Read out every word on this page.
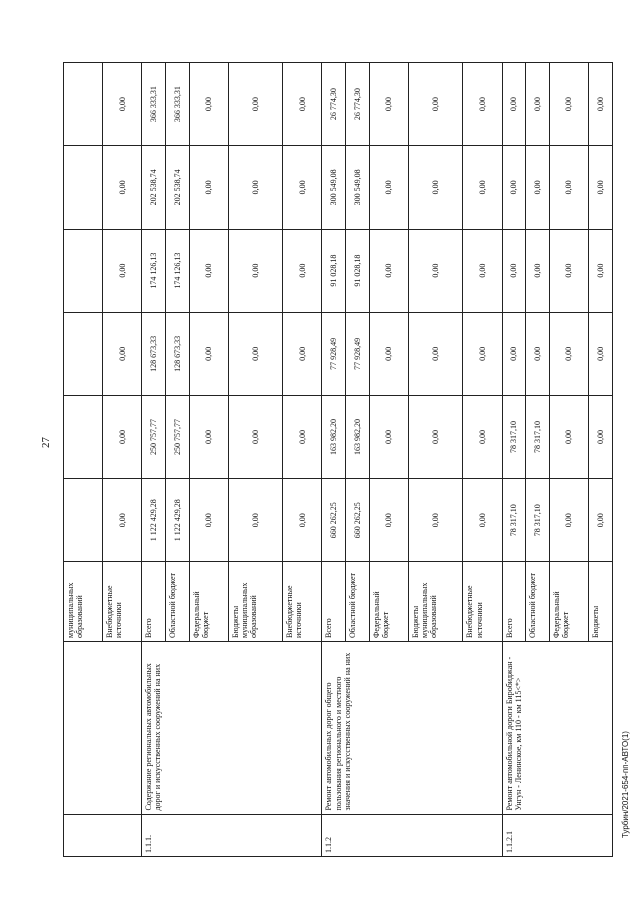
27
		муниципальных образований						
		Внебюджетные источники	0,00	0,00	0,00	0,00	0,00	0,00
1.1.1.	Содержание региональных автомобильных дорог и искусственных сооружений на них	Всего	1 122 429,28	250 757,77	128 673,33	174 126,13	202 538,74	366 333,31
		Областной бюджет	1 122 429,28	250 757,77	128 673,33	174 126,13	202 538,74	366 333,31
		Федеральный бюджет	0,00	0,00	0,00	0,00	0,00	0,00
		Бюджеты муниципальных образований	0,00	0,00	0,00	0,00	0,00	0,00
		Внебюджетные источники	0,00	0,00	0,00	0,00	0,00	0,00
1.1.2	Ремонт автомобильных дорог общего пользования регионального и местного значения и искусственных сооружений на них	Всего	660 262,25	163 982,20	77 928,49	91 028,18	300 549,08	26 774,30
		Областной бюджет	660 262,25	163 982,20	77 928,49	91 028,18	300 549,08	26 774,30
		Федеральный бюджет	0,00	0,00	0,00	0,00	0,00	0,00
		Бюджеты муниципальных образований	0,00	0,00	0,00	0,00	0,00	0,00
		Внебюджетные источники	0,00	0,00	0,00	0,00	0,00	0,00
1.1.2.1	Ремонт автомобильной дороги Биробиджан - Унгун - Ленинское, км 110 - км 115<*>	Всего	78 317,10	78 317,10	0,00	0,00	0,00	0,00
		Областной бюджет	78 317,10	78 317,10	0,00	0,00	0,00	0,00
		Федеральный бюджет	0,00	0,00	0,00	0,00	0,00	0,00
		Бюджеты	0,00	0,00	0,00	0,00	0,00	0,00
Турбин/2021-654-пп-АВТО(1)
